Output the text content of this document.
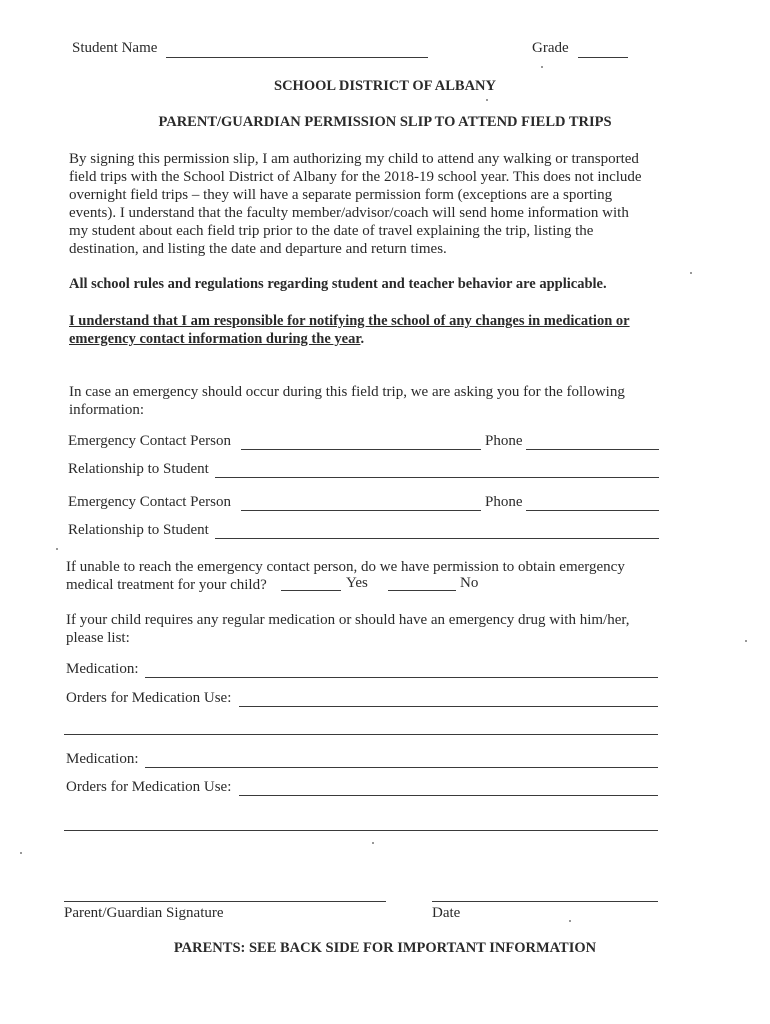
Student Name	Grade
SCHOOL DISTRICT OF ALBANY
PARENT/GUARDIAN PERMISSION SLIP TO ATTEND FIELD TRIPS
By signing this permission slip, I am authorizing my child to attend any walking or transported
field trips with the School District of Albany for the 2018-19 school year. This does not include
overnight field trips – they will have a separate permission form (exceptions are a sporting
events). I understand that the faculty member/advisor/coach will send home information with
my student about each field trip prior to the date of travel explaining the trip, listing the
destination, and listing the date and departure and return times.
All school rules and regulations regarding student and teacher behavior are applicable.
I understand that I am responsible for notifying the school of any changes in medication or
emergency contact information during the year.
In case an emergency should occur during this field trip, we are asking you for the following
information:
Emergency Contact Person	Phone
Relationship to Student
Emergency Contact Person	Phone
Relationship to Student
If unable to reach the emergency contact person, do we have permission to obtain emergency
medical treatment for your child?	Yes	No
If your child requires any regular medication or should have an emergency drug with him/her,
please list:
Medication:
Orders for Medication Use:
Medication:
Orders for Medication Use:
Parent/Guardian Signature	Date
PARENTS: SEE BACK SIDE FOR IMPORTANT INFORMATION
